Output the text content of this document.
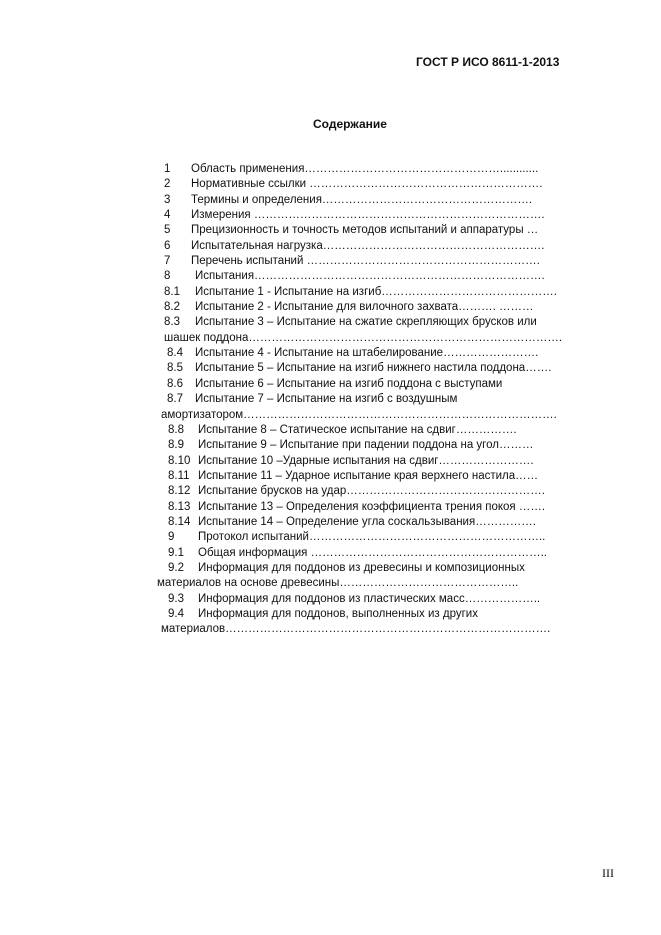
ГОСТ Р ИСО 8611-1-2013
Содержание
1 Область применения……………………………………………............
2 Нормативные ссылки …………………………………………………….
3 Термины и определения……………………………………………….
4 Измерения ………………………………………………………………….
5 Прецизионность и точность методов испытаний и аппаратуры …
6 Испытательная нагрузка………………………………………………….
7 Перечень испытаний …………………………………………………….
8 Испытания………………………………………………………………….
8.1 Испытание 1 - Испытание на изгиб……………………………………….
8.2 Испытание 2 - Испытание для вилочного захвата………. ………
8.3 Испытание 3 – Испытание на сжатие скрепляющих брусков или
шашек поддона……………………………………………………………………….
8.4 Испытание 4 - Испытание на штабелирование…………………….
8.5 Испытание 5 – Испытание на изгиб нижнего настила поддона…….
8.6 Испытание 6 – Испытание на изгиб поддона с выступами
8.7 Испытание 7 – Испытание на изгиб с воздушным
амортизатором……………………………………………………………………….
8.8 Испытание 8 – Статическое испытание на сдвиг…………….
8.9 Испытание 9 – Испытание при падении поддона на угол………
8.10 Испытание 10 –Ударные испытания на сдвиг…………………….
8.11 Испытание 11 – Ударное испытание края верхнего настила……
8.12 Испытание брусков на удар…………………………………………….
8.13 Испытание 13 – Определения коэффициента трения покоя …….
8.14 Испытание 14 – Определение угла соскальзывания…………….
9 Протокол испытаний……………………………………………………..
9.1 Общая информация ……………………………………………………..
9.2 Информация для поддонов из древесины и композиционных
материалов на основе древесины………………………………………..
9.3 Информация для поддонов из пластических масс………………..
9.4 Информация для поддонов, выполненных из других
материалов………………………………………………………………………….
III
